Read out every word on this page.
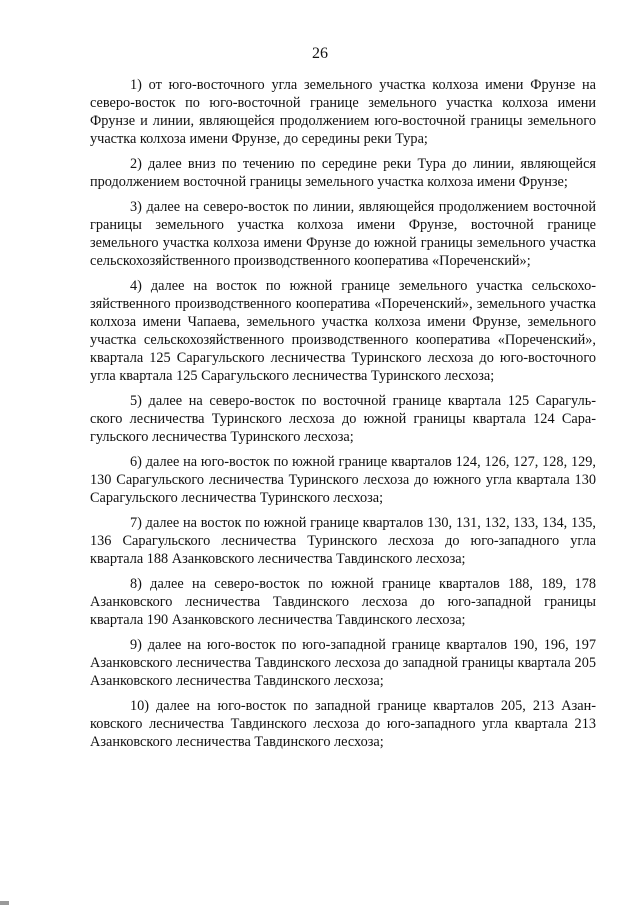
26

1) от юго-восточного угла земельного участка колхоза имени Фрунзе на северо-восток по юго-восточной границе земельного участка колхоза имени Фрунзе и линии, являющейся продолжением юго-восточной границы земельного участка колхоза имени Фрунзе, до середины реки Тура;

2) далее вниз по течению по середине реки Тура до линии, являющейся продолжением восточной границы земельного участка колхоза имени Фрунзе;

3) далее на северо-восток по линии, являющейся продолжением восточной границы земельного участка колхоза имени Фрунзе, восточной границе земельного участка колхоза имени Фрунзе до южной границы земельного участка сельскохозяйственного производственного кооператива «Пореченский»;

4) далее на восток по южной границе земельного участка сельскохозяйственного производственного кооператива «Пореченский», земельного участка колхоза имени Чапаева, земельного участка колхоза имени Фрунзе, земельного участка сельскохозяйственного производственного кооператива «Пореченский», квартала 125 Сарагульского лесничества Туринского лесхоза до юго-восточного угла квартала 125 Сарагульского лесничества Туринского лесхоза;

5) далее на северо-восток по восточной границе квартала 125 Сарагульского лесничества Туринского лесхоза до южной границы квартала 124 Сарагульского лесничества Туринского лесхоза;

6) далее на юго-восток по южной границе кварталов 124, 126, 127, 128, 129, 130 Сарагульского лесничества Туринского лесхоза до южного угла квартала 130 Сарагульского лесничества Туринского лесхоза;

7) далее на восток по южной границе кварталов 130, 131, 132, 133, 134, 135, 136 Сарагульского лесничества Туринского лесхоза до юго-западного угла квартала 188 Азанковского лесничества Тавдинского лесхоза;

8) далее на северо-восток по южной границе кварталов 188, 189, 178 Азанковского лесничества Тавдинского лесхоза до юго-западной границы квартала 190 Азанковского лесничества Тавдинского лесхоза;

9) далее на юго-восток по юго-западной границе кварталов 190, 196, 197 Азанковского лесничества Тавдинского лесхоза до западной границы квартала 205 Азанковского лесничества Тавдинского лесхоза;

10) далее на юго-восток по западной границе кварталов 205, 213 Азанковского лесничества Тавдинского лесхоза до юго-западного угла квартала 213 Азанковского лесничества Тавдинского лесхоза;
